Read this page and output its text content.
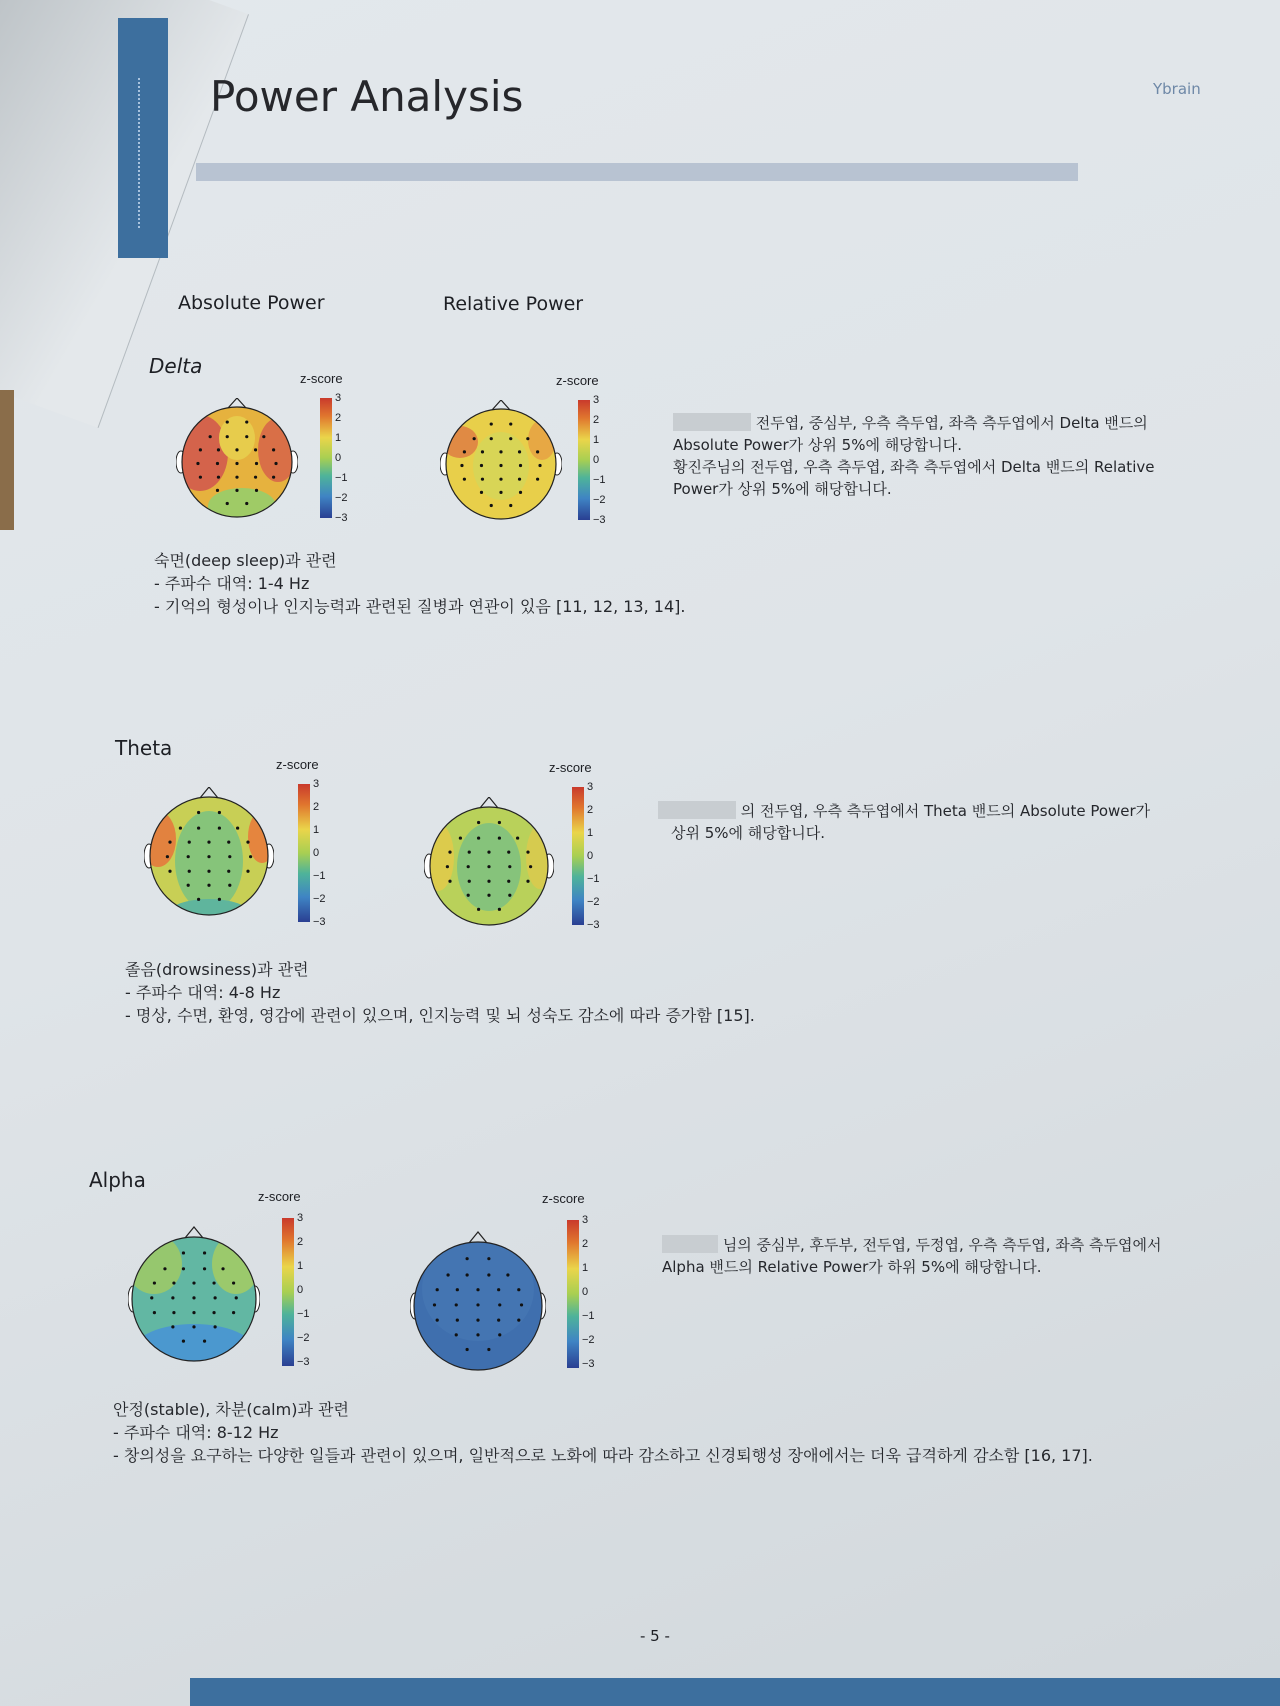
Power Analysis	Ybrain
Absolute Power	Relative Power
Delta
z-score
3
2
1
0
−1
−2
−3
z-score
3
2
1
0
−1
−2
−3
전두엽, 중심부, 우측 측두엽, 좌측 측두엽에서 Delta 밴드의
Absolute Power가 상위 5%에 해당합니다.
황진주님의 전두엽, 우측 측두엽, 좌측 측두엽에서 Delta 밴드의 Relative
Power가 상위 5%에 해당합니다.
숙면(deep sleep)과 관련
- 주파수 대역: 1-4 Hz
- 기억의 형성이나 인지능력과 관련된 질병과 연관이 있음 [11, 12, 13, 14].
Theta
z-score
3
2
1
0
−1
−2
−3
z-score
3
2
1
0
−1
−2
−3
의 전두엽, 우측 측두엽에서 Theta 밴드의 Absolute Power가
상위 5%에 해당합니다.
졸음(drowsiness)과 관련
- 주파수 대역: 4-8 Hz
- 명상, 수면, 환영, 영감에 관련이 있으며, 인지능력 및 뇌 성숙도 감소에 따라 증가함 [15].
Alpha
z-score
3
2
1
0
−1
−2
−3
z-score
3
2
1
0
−1
−2
−3
님의 중심부, 후두부, 전두엽, 두정엽, 우측 측두엽, 좌측 측두엽에서
Alpha 밴드의 Relative Power가 하위 5%에 해당합니다.
안정(stable), 차분(calm)과 관련
- 주파수 대역: 8-12 Hz
- 창의성을 요구하는 다양한 일들과 관련이 있으며, 일반적으로 노화에 따라 감소하고 신경퇴행성 장애에서는 더욱 급격하게 감소함 [16, 17].
- 5 -
